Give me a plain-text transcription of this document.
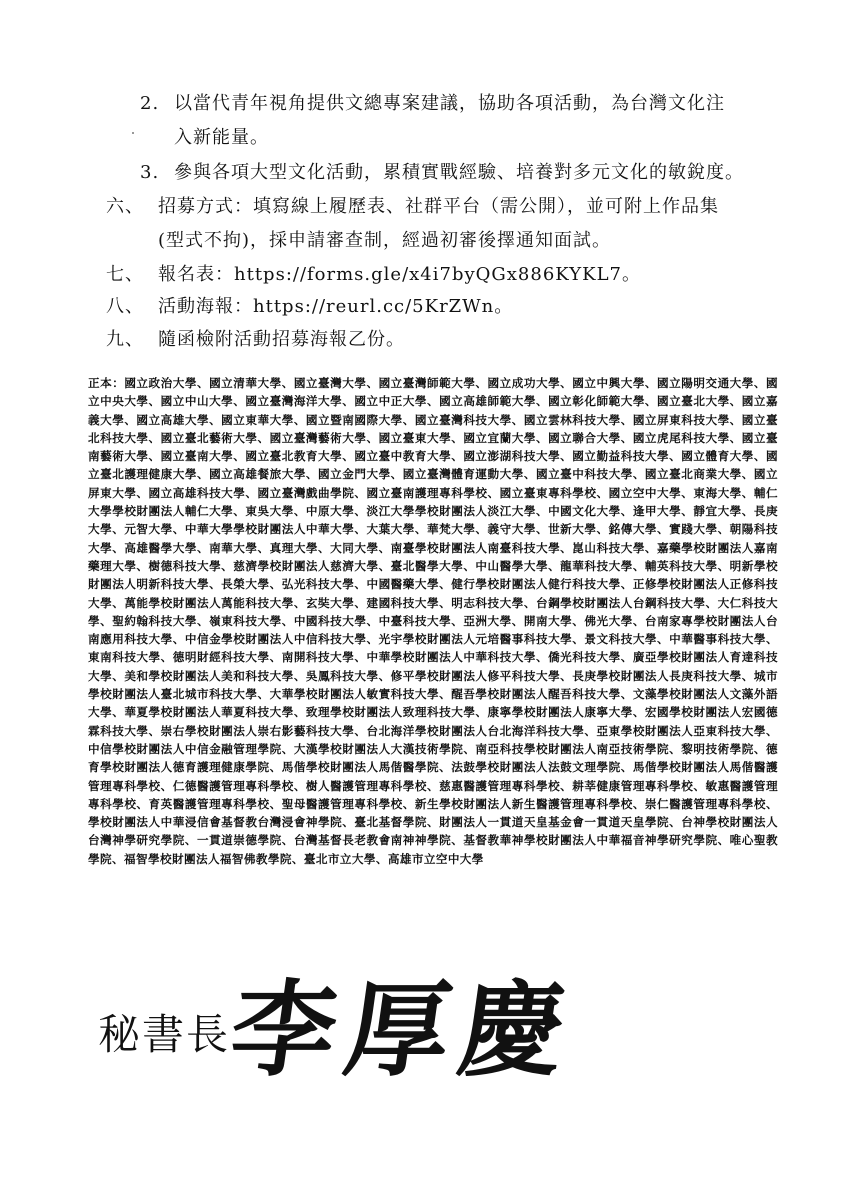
2. 以當代青年視角提供文總專案建議，協助各項活動，為台灣文化注
入新能量。
3. 參與各項大型文化活動，累積實戰經驗、培養對多元文化的敏銳度。
六、 招募方式：填寫線上履歷表、社群平台（需公開），並可附上作品集
(型式不拘)，採申請審查制，經過初審後擇通知面試。
七、 報名表：https://forms.gle/x4i7byQGx886KYKL7。
八、 活動海報：https://reurl.cc/5KrZWn。
九、 隨函檢附活動招募海報乙份。
正本：國立政治大學、國立清華大學、國立臺灣大學、國立臺灣師範大學、國立成功大學、國立中興大學、國立陽明交通大學、國立中央大學、國立中山大學、國立臺灣海洋大學、國立中正大學、國立高雄師範大學、國立彰化師範大學、國立臺北大學、國立嘉義大學、國立高雄大學、國立東華大學、國立暨南國際大學、國立臺灣科技大學、國立雲林科技大學、國立屏東科技大學、國立臺北科技大學、國立臺北藝術大學、國立臺灣藝術大學、國立臺東大學、國立宜蘭大學、國立聯合大學、國立虎尾科技大學、國立臺南藝術大學、國立臺南大學、國立臺北教育大學、國立臺中教育大學、國立澎湖科技大學、國立勤益科技大學、國立體育大學、國立臺北護理健康大學、國立高雄餐旅大學、國立金門大學、國立臺灣體育運動大學、國立臺中科技大學、國立臺北商業大學、國立屏東大學、國立高雄科技大學、國立臺灣戲曲學院、國立臺南護理專科學校、國立臺東專科學校、國立空中大學、東海大學、輔仁大學學校財團法人輔仁大學、東吳大學、中原大學、淡江大學學校財團法人淡江大學、中國文化大學、逢甲大學、靜宜大學、長庚大學、元智大學、中華大學學校財團法人中華大學、大葉大學、華梵大學、義守大學、世新大學、銘傳大學、實踐大學、朝陽科技大學、高雄醫學大學、南華大學、真理大學、大同大學、南臺學校財團法人南臺科技大學、崑山科技大學、嘉藥學校財團法人嘉南藥理大學、樹德科技大學、慈濟學校財團法人慈濟大學、臺北醫學大學、中山醫學大學、龍華科技大學、輔英科技大學、明新學校財團法人明新科技大學、長榮大學、弘光科技大學、中國醫藥大學、健行學校財團法人健行科技大學、正修學校財團法人正修科技大學、萬能學校財團法人萬能科技大學、玄奘大學、建國科技大學、明志科技大學、台鋼學校財團法人台鋼科技大學、大仁科技大學、聖約翰科技大學、嶺東科技大學、中國科技大學、中臺科技大學、亞洲大學、開南大學、佛光大學、台南家專學校財團法人台南應用科技大學、中信金學校財團法人中信科技大學、光宇學校財團法人元培醫事科技大學、景文科技大學、中華醫事科技大學、東南科技大學、德明財經科技大學、南開科技大學、中華學校財團法人中華科技大學、僑光科技大學、廣亞學校財團法人育達科技大學、美和學校財團法人美和科技大學、吳鳳科技大學、修平學校財團法人修平科技大學、長庚學校財團法人長庚科技大學、城市學校財團法人臺北城市科技大學、大華學校財團法人敏實科技大學、醒吾學校財團法人醒吾科技大學、文藻學校財團法人文藻外語大學、華夏學校財團法人華夏科技大學、致理學校財團法人致理科技大學、康寧學校財團法人康寧大學、宏國學校財團法人宏國德霖科技大學、崇右學校財團法人崇右影藝科技大學、台北海洋學校財團法人台北海洋科技大學、亞東學校財團法人亞東科技大學、中信學校財團法人中信金融管理學院、大漢學校財團法人大漢技術學院、南亞科技學校財團法人南亞技術學院、黎明技術學院、德育學校財團法人德育護理健康學院、馬偕學校財團法人馬偕醫學院、法鼓學校財團法人法鼓文理學院、馬偕學校財團法人馬偕醫護管理專科學校、仁德醫護管理專科學校、樹人醫護管理專科學校、慈惠醫護管理專科學校、耕莘健康管理專科學校、敏惠醫護管理專科學校、育英醫護管理專科學校、聖母醫護管理專科學校、新生學校財團法人新生醫護管理專科學校、崇仁醫護管理專科學校、學校財團法人中華浸信會基督教台灣浸會神學院、臺北基督學院、財團法人一貫道天皇基金會一貫道天皇學院、台神學校財團法人台灣神學研究學院、一貫道崇德學院、台灣基督長老教會南神神學院、基督教華神學校財團法人中華福音神學研究學院、唯心聖教學院、福智學校財團法人福智佛教學院、臺北市立大學、高雄市立空中大學
秘書長
李厚慶
